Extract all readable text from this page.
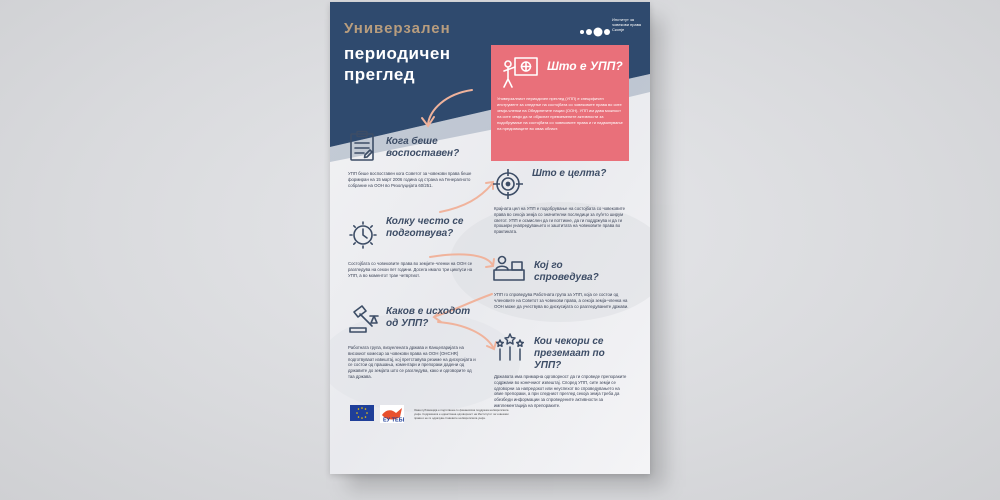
Универзален
периодичен
преглед
Институт за човекови права Скопје
Што е УПП?
Универзалниот периодичен преглед (УПП) е специфичен инструмент за следење на состојбата со човековите права во сите земји-членки на Обединетите нации (ООН). УПП им дава можност на сите земји да ги објаснат превземените активности за подобрување на состојбата со човековите права и ги надминување на предизвиците во оваа област.
Кога беше воспоставен?
УПП беше воспоставен кога Советот за човекови права беше формиран на 15 март 2006 година од страна на Генералното собрание на ООН во Резолуцијата 60/251.
Што е целта?
Крајната цел на УПП е подобрување на состојбата со човековите права во секоја земја со значителни последици за луѓето ширум светот. УПП е осмислен да ги поттикне, да ги поддржува и да ги прошири унапредувањето и заштитата на човековите права во практиката.
Колку често се подготвува?
Состојбата со човековите права во земјите-членки на ООН се разгледува на секои пет години. Досега имало три циклуси на УПП, а во моментот трае четвртиот.
Кој го спроведува?
УПП го спроведува Работната група за УПП, која се состои од членовите на Советот за човекови права, а секоја земја-членка на ООН може да учествува во дискусијата со разгледуваните држави.
Каков е исходот од УПП?
Работната група, визуелената држава и Канцеларијата на високиот комесар за човекови права на ООН (OHCHR) подготвуваат извештај, кој претставува резиме на дискусијата и се состои од прашања, коментари и препораки дадени од државите до земјата што се разгледува, како и одговорите од таа држава.
Кои чекори се преземаат по УПП?
Државата има примарна одговорност да ги спроведе препораките содржани во конечниот извештај. Според УПП, сите земји се одговорни за напредокот или неуспехот во спроведувањето на овие препораки, а при следниот преглед секоја земја треба да обезбеди информации за спроведените активности за имплементација на препораките.
ЕУ ТЕБЕ
Оваа публикација е подготвена со финансиска поддршка на Европската унија. Содржината е единствена одговорност на Институтот за човекови права и не ги одразува ставовите на Европската унија.
